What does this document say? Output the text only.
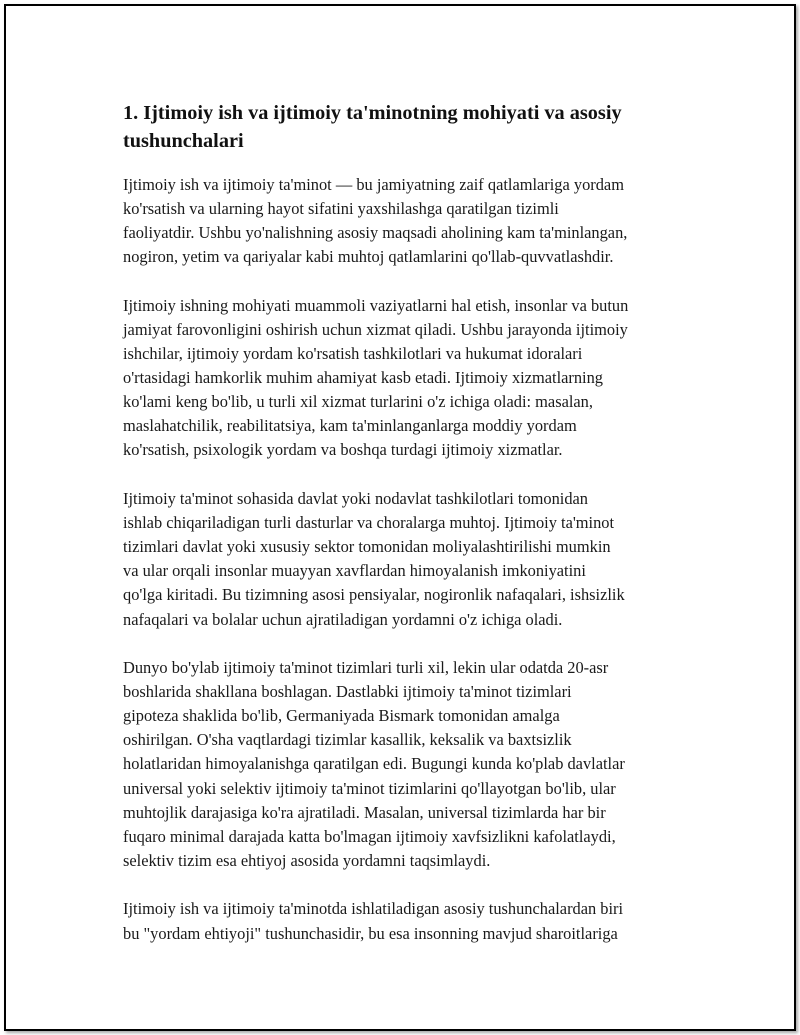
1. Ijtimoiy ish va ijtimoiy ta'minotning mohiyati va asosiy
tushunchalari

Ijtimoiy ish va ijtimoiy ta'minot — bu jamiyatning zaif qatlamlariga yordam
ko'rsatish va ularning hayot sifatini yaxshilashga qaratilgan tizimli
faoliyatdir. Ushbu yo'nalishning asosiy maqsadi aholining kam ta'minlangan,
nogiron, yetim va qariyalar kabi muhtoj qatlamlarini qo'llab-quvvatlashdir.

Ijtimoiy ishning mohiyati muammoli vaziyatlarni hal etish, insonlar va butun
jamiyat farovonligini oshirish uchun xizmat qiladi. Ushbu jarayonda ijtimoiy
ishchilar, ijtimoiy yordam ko'rsatish tashkilotlari va hukumat idoralari
o'rtasidagi hamkorlik muhim ahamiyat kasb etadi. Ijtimoiy xizmatlarning
ko'lami keng bo'lib, u turli xil xizmat turlarini o'z ichiga oladi: masalan,
maslahatchilik, reabilitatsiya, kam ta'minlanganlarga moddiy yordam
ko'rsatish, psixologik yordam va boshqa turdagi ijtimoiy xizmatlar.

Ijtimoiy ta'minot sohasida davlat yoki nodavlat tashkilotlari tomonidan
ishlab chiqariladigan turli dasturlar va choralarga muhtoj. Ijtimoiy ta'minot
tizimlari davlat yoki xususiy sektor tomonidan moliyalashtirilishi mumkin
va ular orqali insonlar muayyan xavflardan himoyalanish imkoniyatini
qo'lga kiritadi. Bu tizimning asosi pensiyalar, nogironlik nafaqalari, ishsizlik
nafaqalari va bolalar uchun ajratiladigan yordamni o'z ichiga oladi.

Dunyo bo'ylab ijtimoiy ta'minot tizimlari turli xil, lekin ular odatda 20-asr
boshlarida shakllana boshlagan. Dastlabki ijtimoiy ta'minot tizimlari
gipoteza shaklida bo'lib, Germaniyada Bismark tomonidan amalga
oshirilgan. O'sha vaqtlardagi tizimlar kasallik, keksalik va baxtsizlik
holatlaridan himoyalanishga qaratilgan edi. Bugungi kunda ko'plab davlatlar
universal yoki selektiv ijtimoiy ta'minot tizimlarini qo'llayotgan bo'lib, ular
muhtojlik darajasiga ko'ra ajratiladi. Masalan, universal tizimlarda har bir
fuqaro minimal darajada katta bo'lmagan ijtimoiy xavfsizlikni kafolatlaydi,
selektiv tizim esa ehtiyoj asosida yordamni taqsimlaydi.

Ijtimoiy ish va ijtimoiy ta'minotda ishlatiladigan asosiy tushunchalardan biri
bu "yordam ehtiyoji" tushunchasidir, bu esa insonning mavjud sharoitlariga
